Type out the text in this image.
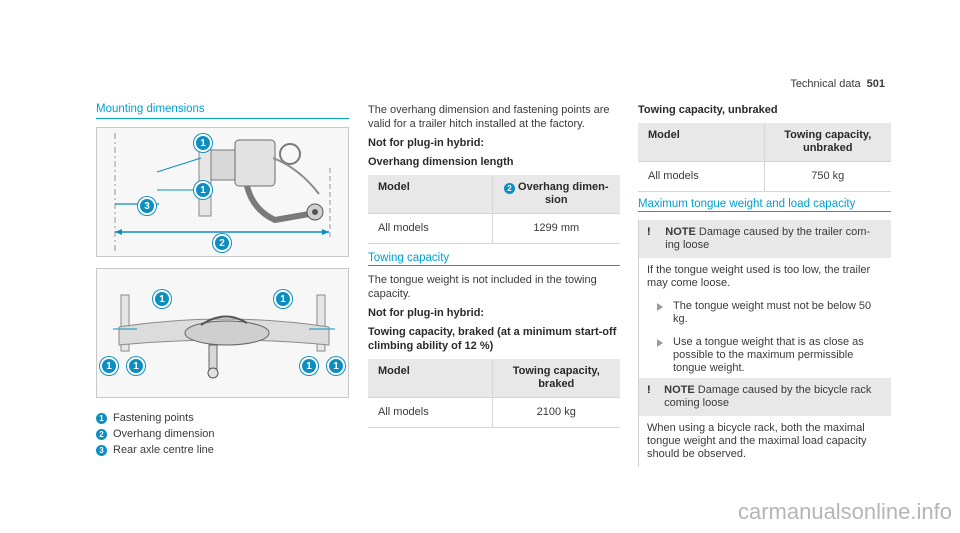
Technical data 501
Mounting dimensions
1
1
3
2
1	1
1	1	1	1
1 Fastening points
2 Overhang dimension
3 Rear axle centre line
The overhang dimension and fastening points are valid for a trailer hitch installed at the factory.
Not for plug-in hybrid:
Overhang dimension length
Model	2 Overhang dimen-sion
All models	1299 mm
Towing capacity
The tongue weight is not included in the towing capacity.
Not for plug-in hybrid:
Towing capacity, braked (at a minimum start-off climbing ability of 12 %)
Model	Towing capacity, braked
All models	2100 kg
Towing capacity, unbraked
Model	Towing capacity, unbraked
All models	750 kg
Maximum tongue weight and load capacity
!	NOTE Damage caused by the trailer com-ing loose
If the tongue weight used is too low, the trailer may come loose.
The tongue weight must not be below 50 kg.
Use a tongue weight that is as close as possible to the maximum permissible tongue weight.
!	NOTE Damage caused by the bicycle rack coming loose
When using a bicycle rack, both the maximal tongue weight and the maximal load capacity should be observed.
carmanualsonline.info
